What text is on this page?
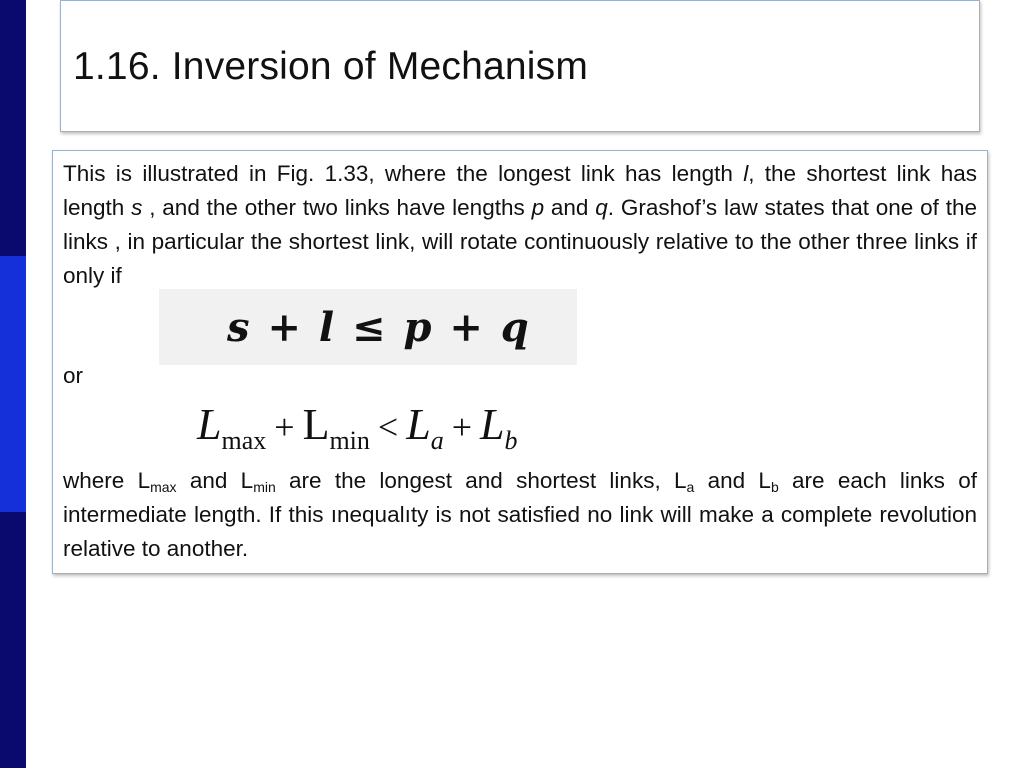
1.16. Inversion of Mechanism
This is illustrated in Fig. 1.33, where the longest link has length l, the shortest link has length s , and the other two links have lengths p and q. Grashof’s law states that one of the links , in particular the shortest link, will rotate continuously relative to the other three links if only if
s + l ≤ p + q
or
$L_{max} + L_{min} < L_a + L_b$
where $L_{max}$ and $L_{min}$ are the longest and shortest links, $L_a$ and $L_b$ are each links of intermediate length. If this ınequalıty is not satisfied no link will make a complete revolution relative to another.
